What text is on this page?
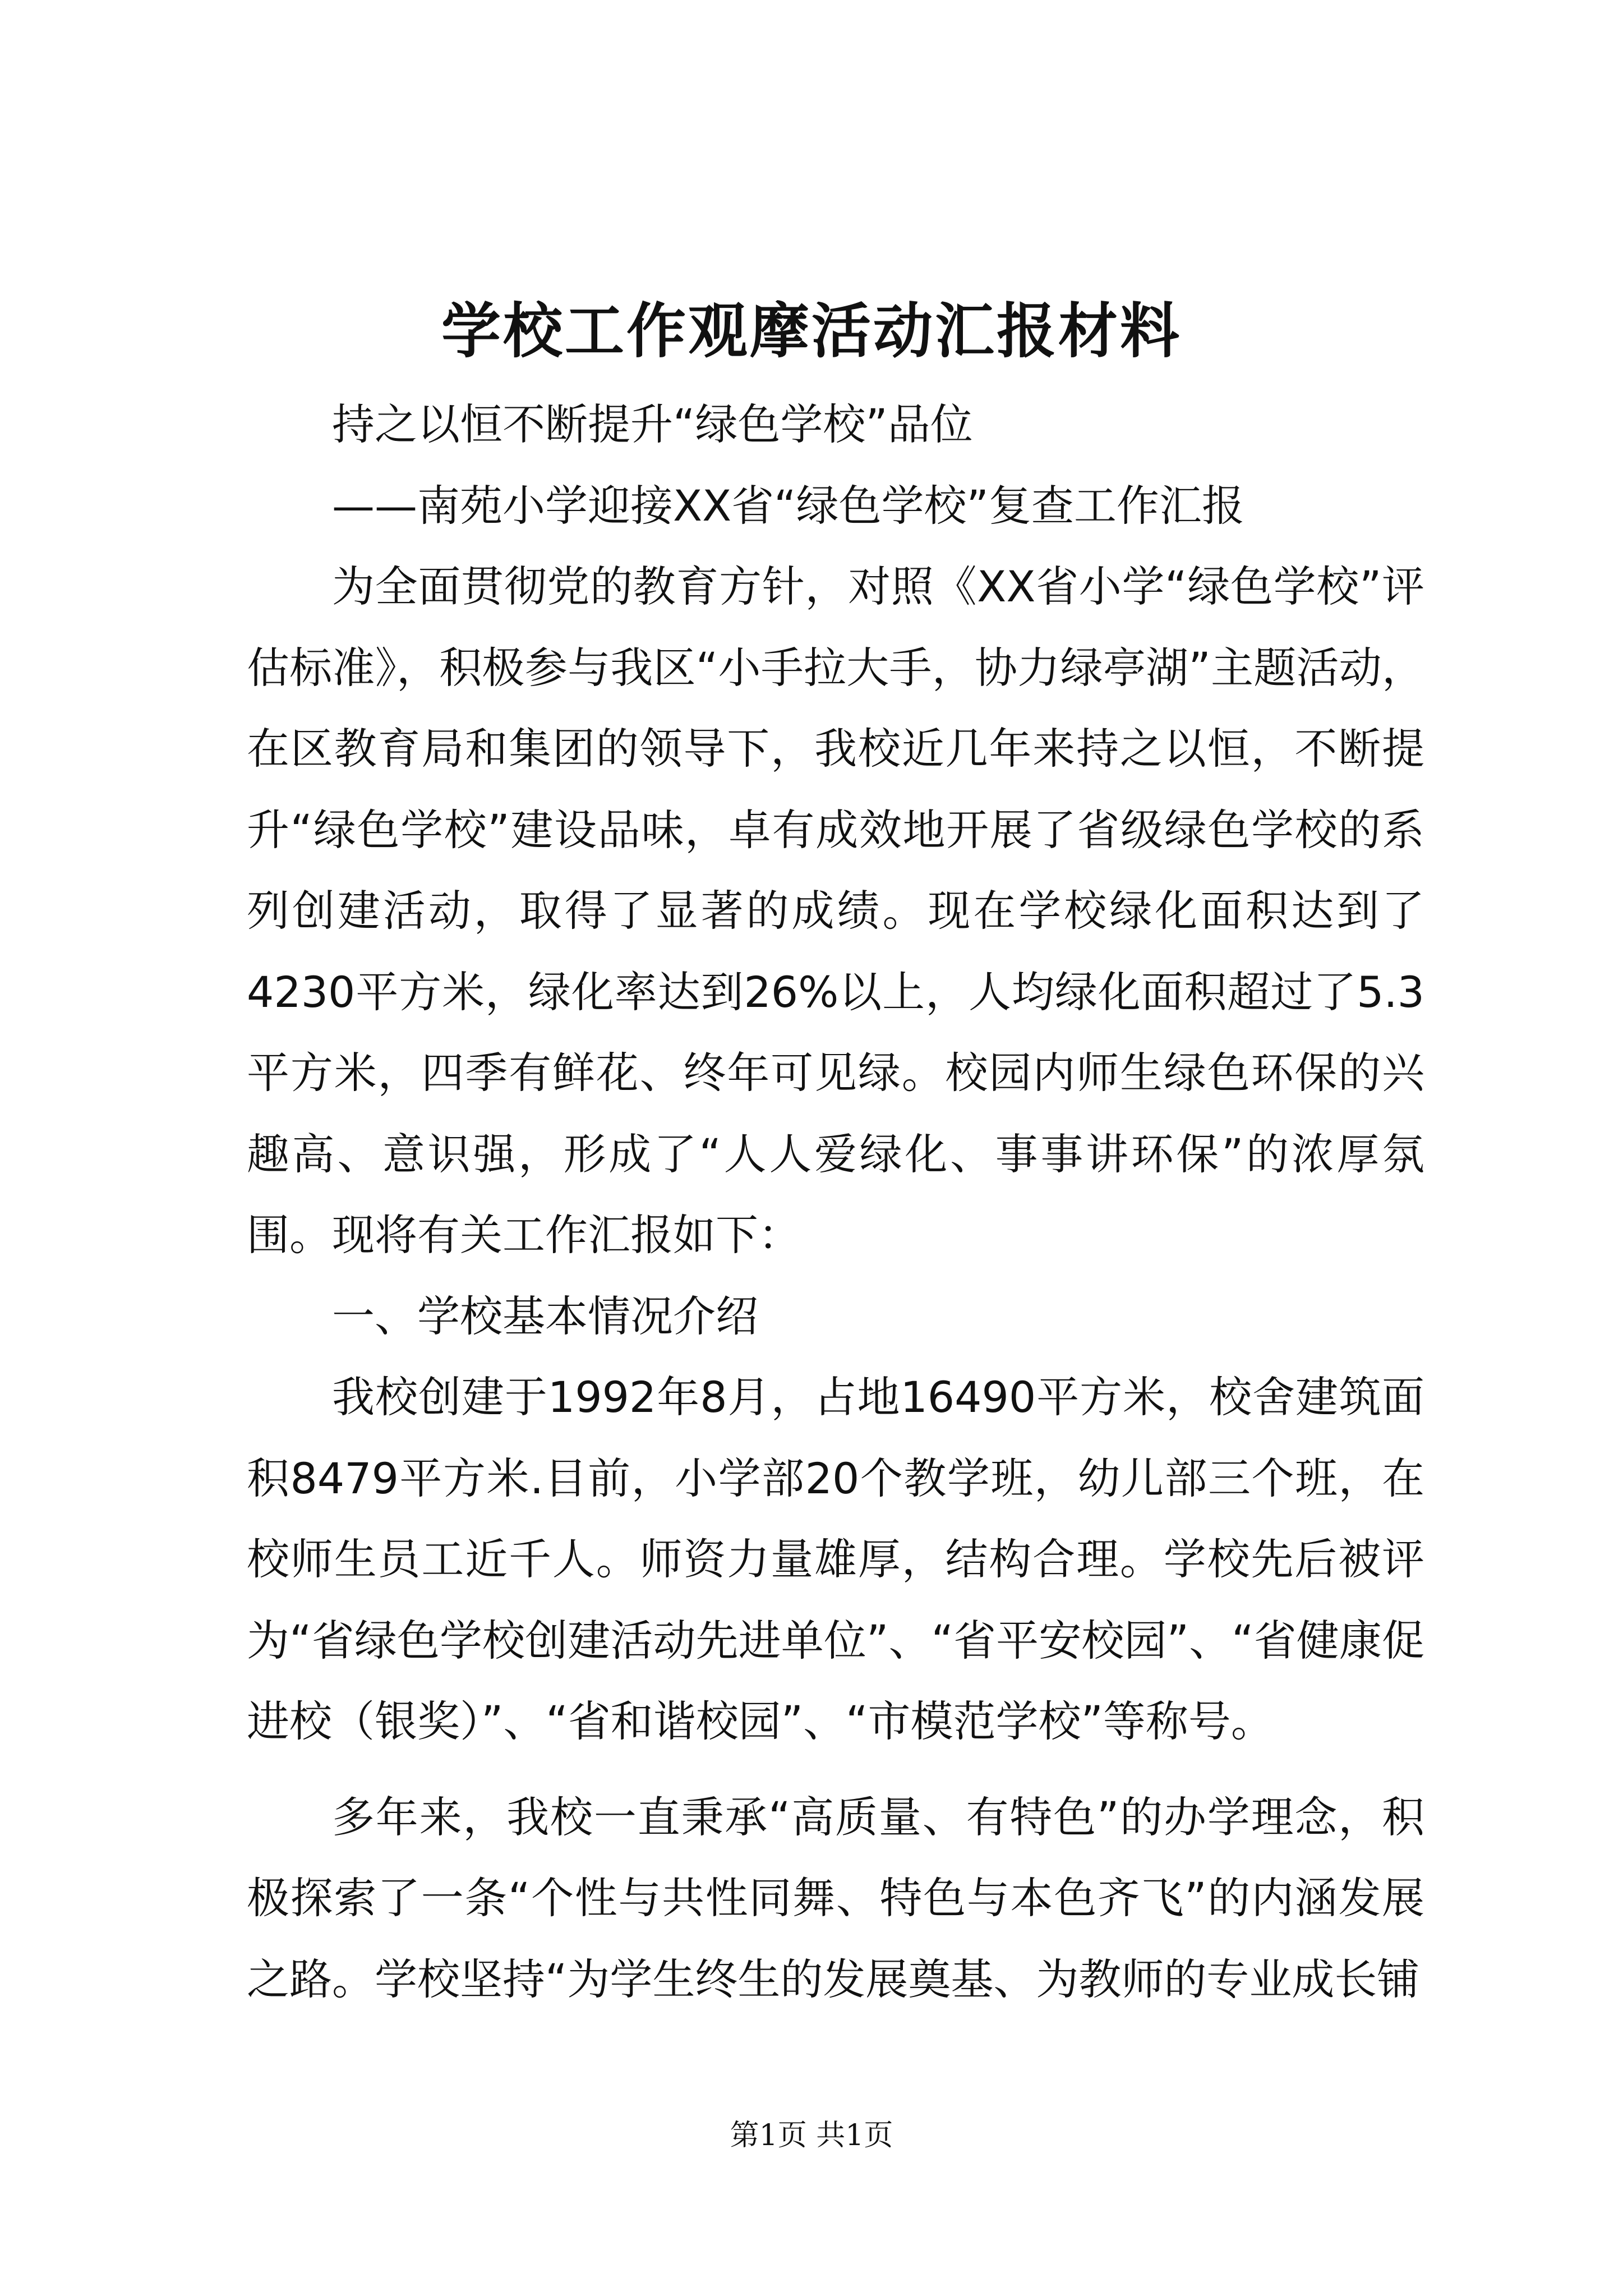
学校工作观摩活动汇报材料

持之以恒不断提升“绿色学校”品位

——南苑小学迎接XX省“绿色学校”复查工作汇报

为全面贯彻党的教育方针，对照《XX省小学“绿色学校”评估标准》，积极参与我区“小手拉大手，协力绿亭湖”主题活动，在区教育局和集团的领导下，我校近几年来持之以恒，不断提升“绿色学校”建设品味，卓有成效地开展了省级绿色学校的系列创建活动，取得了显著的成绩。现在学校绿化面积达到了4230平方米，绿化率达到26%以上，人均绿化面积超过了5.3平方米，四季有鲜花、终年可见绿。校园内师生绿色环保的兴趣高、意识强，形成了“人人爱绿化、事事讲环保”的浓厚氛围。现将有关工作汇报如下：

一、学校基本情况介绍

我校创建于1992年8月，占地16490平方米，校舍建筑面积8479平方米.目前，小学部20个教学班，幼儿部三个班，在校师生员工近千人。师资力量雄厚，结构合理。学校先后被评为“省绿色学校创建活动先进单位”、“省平安校园”、“省健康促进校（银奖）”、“省和谐校园”、“市模范学校”等称号。

多年来，我校一直秉承“高质量、有特色”的办学理念，积极探索了一条“个性与共性同舞、特色与本色齐飞”的内涵发展之路。学校坚持“为学生终生的发展奠基、为教师的专业成长铺

第1页 共1页
